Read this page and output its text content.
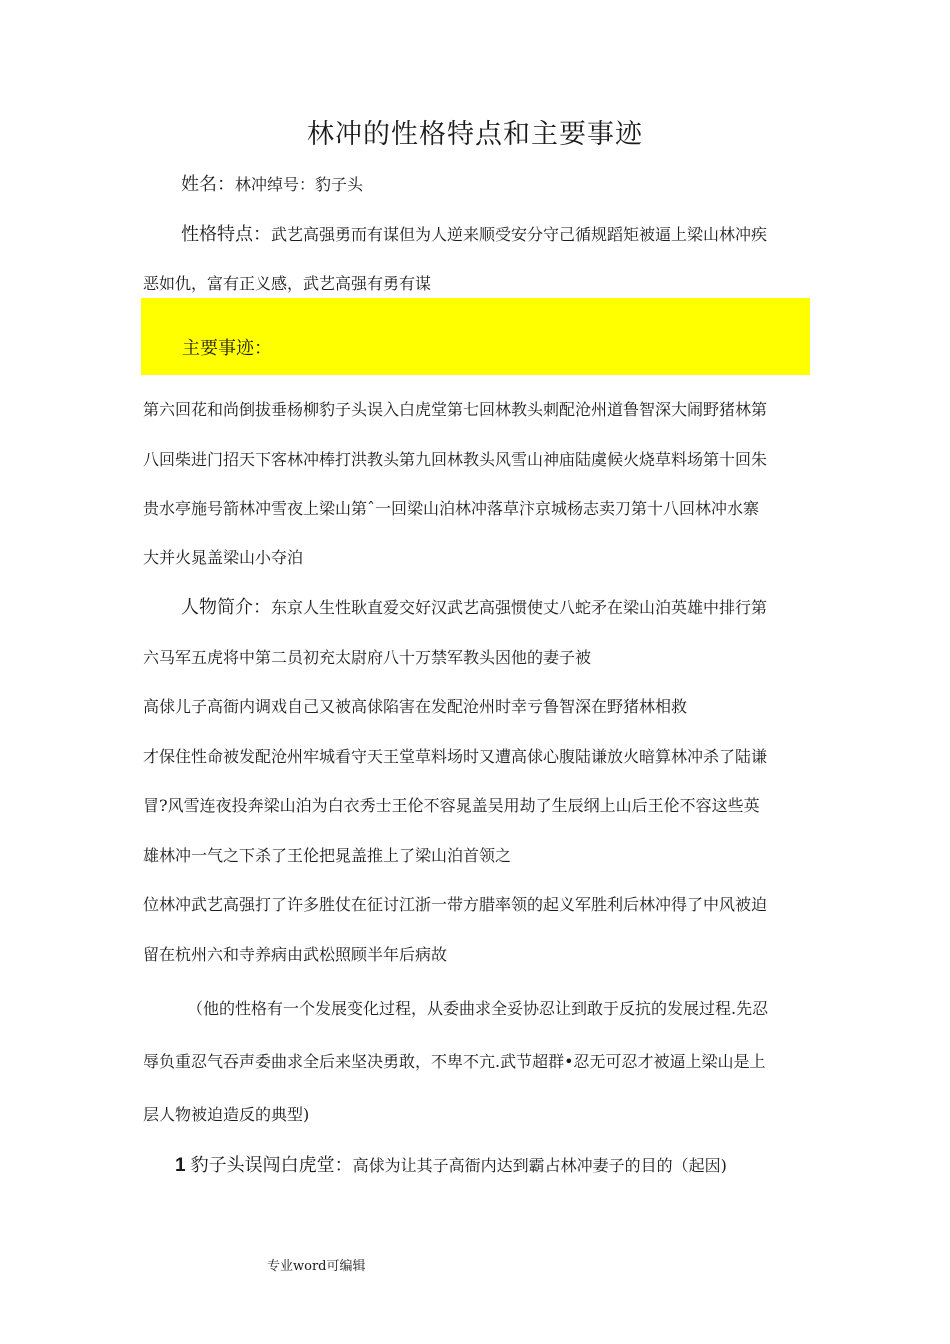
林冲的性格特点和主要事迹
姓名：林冲绰号：豹子头
性格特点：武艺高强勇而有谋但为人逆来顺受安分守己循规蹈矩被逼上梁山林冲疾
恶如仇，富有正义感，武艺高强有勇有谋
主要事迹：
第六回花和尚倒拔垂杨柳豹子头误入白虎堂第七回林教头刺配沧州道鲁智深大闹野猪林第
八回柴进门招天下客林冲棒打洪教头第九回林教头风雪山神庙陆虞候火烧草料场第十回朱
贵水亭施号箭林冲雪夜上梁山第ˆ一回梁山泊林冲落草汴京城杨志卖刀第十八回林冲水寨
大并火晁盖梁山小夺泊
人物简介：东京人生性耿直爱交好汉武艺高强惯使丈八蛇矛在梁山泊英雄中排行第
六马军五虎将中第二员初充太尉府八十万禁军教头因他的妻子被
高俅儿子高衙内调戏自己又被高俅陷害在发配沧州时幸亏鲁智深在野猪林相救
才保住性命被发配沧州牢城看守天王堂草料场时又遭高俅心腹陆谦放火暗算林冲杀了陆谦
冒?风雪连夜投奔梁山泊为白衣秀士王伦不容晁盖吴用劫了生辰纲上山后王伦不容这些英
雄林冲一气之下杀了王伦把晁盖推上了梁山泊首领之
位林冲武艺高强打了许多胜仗在征讨江浙一带方腊率领的起义军胜利后林冲得了中风被迫
留在杭州六和寺养病由武松照顾半年后病故
（他的性格有一个发展变化过程，从委曲求全妥协忍让到敢于反抗的发展过程.先忍
辱负重忍气吞声委曲求全后来坚决勇敢，不卑不亢.武节超群•忍无可忍才被逼上梁山是上
层人物被迫造反的典型)
1 豹子头误闯白虎堂：高俅为让其子高衙内达到霸占林冲妻子的目的（起因)
专业word可编辑
